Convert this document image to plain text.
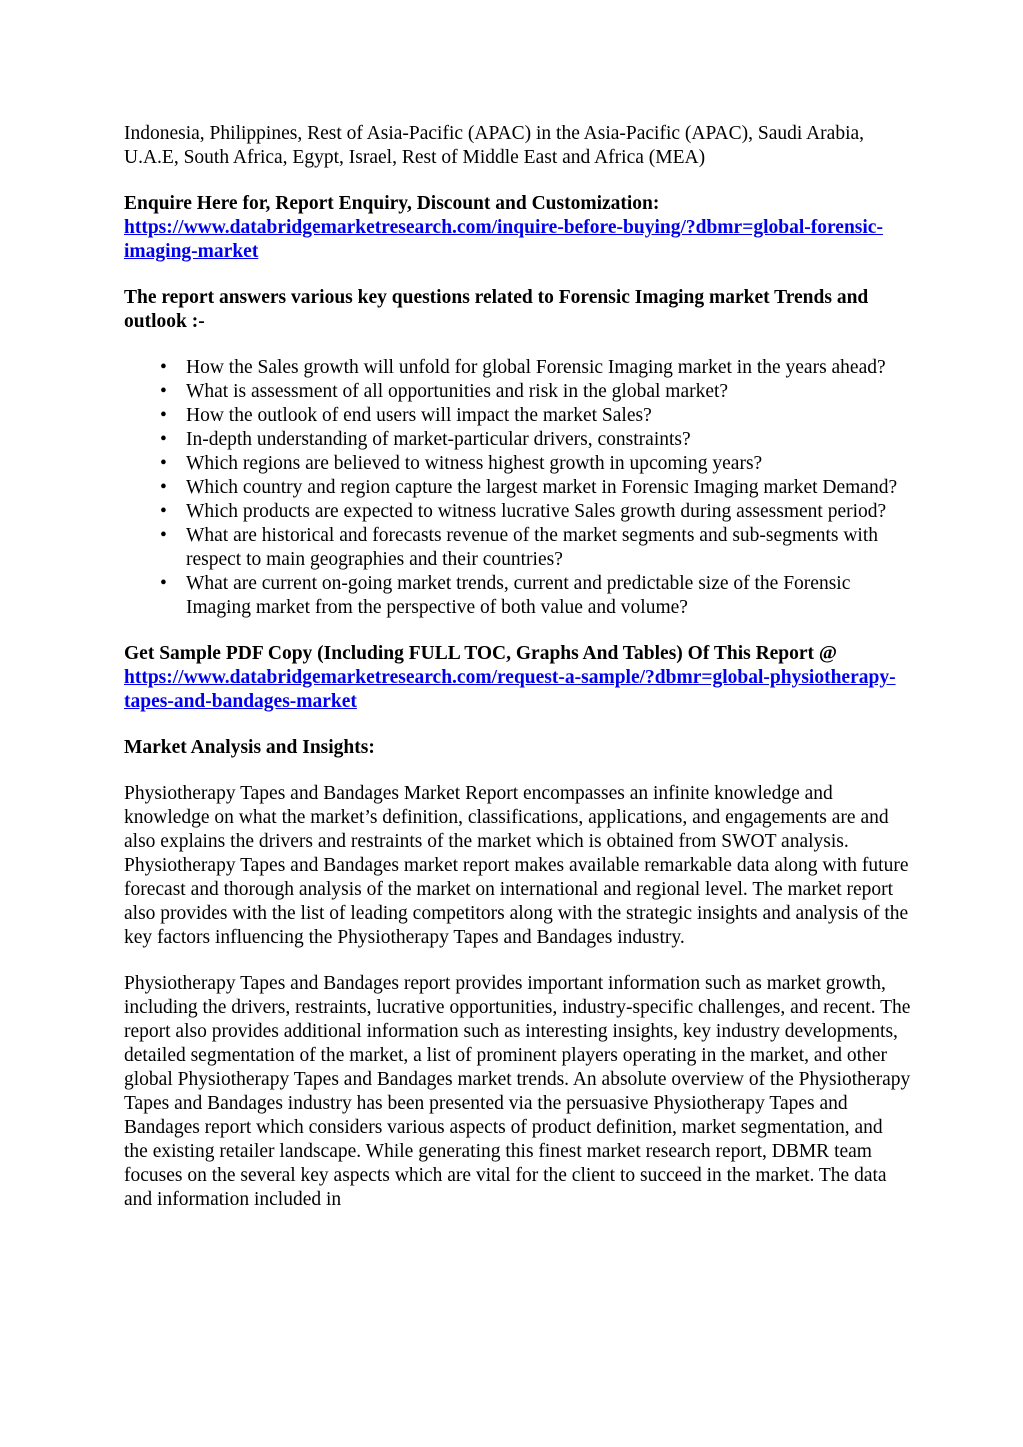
Indonesia, Philippines, Rest of Asia-Pacific (APAC) in the Asia-Pacific (APAC), Saudi Arabia, U.A.E, South Africa, Egypt, Israel, Rest of Middle East and Africa (MEA)

Enquire Here for, Report Enquiry, Discount and Customization: https://www.databridgemarketresearch.com/inquire-before-buying/?dbmr=global-forensic-imaging-market

The report answers various key questions related to Forensic Imaging market Trends and outlook :-

• How the Sales growth will unfold for global Forensic Imaging market in the years ahead?
• What is assessment of all opportunities and risk in the global market?
• How the outlook of end users will impact the market Sales?
• In-depth understanding of market-particular drivers, constraints?
• Which regions are believed to witness highest growth in upcoming years?
• Which country and region capture the largest market in Forensic Imaging market Demand?
• Which products are expected to witness lucrative Sales growth during assessment period?
• What are historical and forecasts revenue of the market segments and sub-segments with respect to main geographies and their countries?
• What are current on-going market trends, current and predictable size of the Forensic Imaging market from the perspective of both value and volume?

Get Sample PDF Copy (Including FULL TOC, Graphs And Tables) Of This Report @ https://www.databridgemarketresearch.com/request-a-sample/?dbmr=global-physiotherapy-tapes-and-bandages-market

Market Analysis and Insights:

Physiotherapy Tapes and Bandages Market Report encompasses an infinite knowledge and knowledge on what the market’s definition, classifications, applications, and engagements are and also explains the drivers and restraints of the market which is obtained from SWOT analysis. Physiotherapy Tapes and Bandages market report makes available remarkable data along with future forecast and thorough analysis of the market on international and regional level. The market report also provides with the list of leading competitors along with the strategic insights and analysis of the key factors influencing the Physiotherapy Tapes and Bandages industry.

Physiotherapy Tapes and Bandages report provides important information such as market growth, including the drivers, restraints, lucrative opportunities, industry-specific challenges, and recent. The report also provides additional information such as interesting insights, key industry developments, detailed segmentation of the market, a list of prominent players operating in the market, and other global Physiotherapy Tapes and Bandages market trends. An absolute overview of the Physiotherapy Tapes and Bandages industry has been presented via the persuasive Physiotherapy Tapes and Bandages report which considers various aspects of product definition, market segmentation, and the existing retailer landscape. While generating this finest market research report, DBMR team focuses on the several key aspects which are vital for the client to succeed in the market. The data and information included in
